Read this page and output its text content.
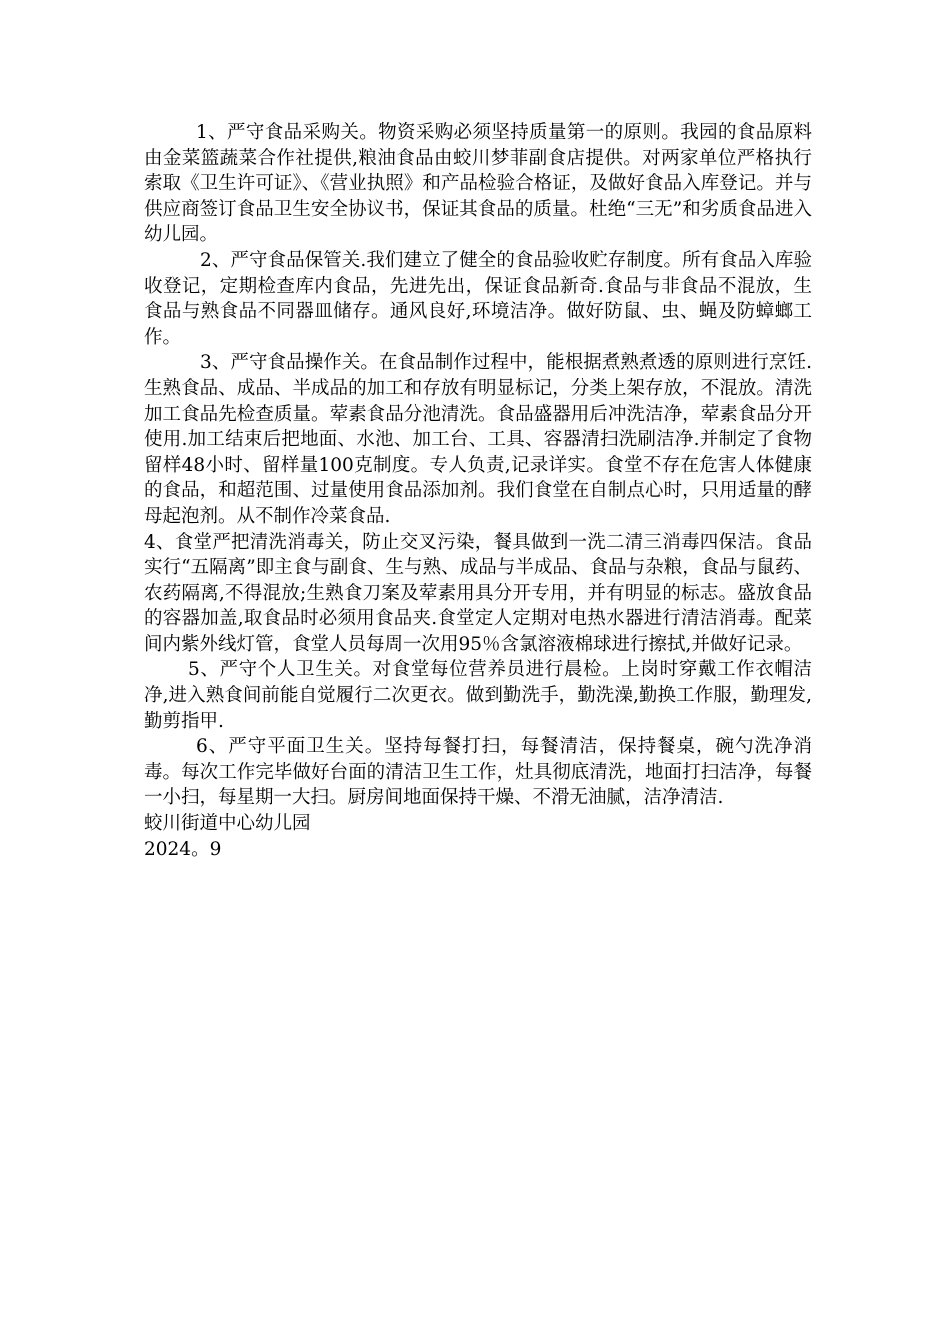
1、严守食品采购关。物资采购必须坚持质量第一的原则。我园的食品原料由金菜篮蔬菜合作社提供,粮油食品由蛟川梦菲副食店提供。对两家单位严格执行索取《卫生许可证》、《营业执照》和产品检验合格证，及做好食品入库登记。并与供应商签订食品卫生安全协议书，保证其食品的质量。杜绝“三无”和劣质食品进入幼儿园。

2、严守食品保管关.我们建立了健全的食品验收贮存制度。所有食品入库验收登记，定期检查库内食品，先进先出，保证食品新奇.食品与非食品不混放，生食品与熟食品不同器皿储存。通风良好,环境洁净。做好防鼠、虫、蝇及防蟑螂工作。

3、严守食品操作关。在食品制作过程中，能根据煮熟煮透的原则进行烹饪.生熟食品、成品、半成品的加工和存放有明显标记，分类上架存放，不混放。清洗加工食品先检查质量。荤素食品分池清洗。食品盛器用后冲洗洁净，荤素食品分开使用.加工结束后把地面、水池、加工台、工具、容器清扫洗刷洁净.并制定了食物留样48小时、留样量100克制度。专人负责,记录详实。食堂不存在危害人体健康的食品，和超范围、过量使用食品添加剂。我们食堂在自制点心时，只用适量的酵母起泡剂。从不制作冷菜食品.

4、食堂严把清洗消毒关，防止交叉污染，餐具做到一洗二清三消毒四保洁。食品实行“五隔离”即主食与副食、生与熟、成品与半成品、食品与杂粮，食品与鼠药、农药隔离,不得混放;生熟食刀案及荤素用具分开专用，并有明显的标志。盛放食品的容器加盖,取食品时必须用食品夹.食堂定人定期对电热水器进行清洁消毒。配菜间内紫外线灯管，食堂人员每周一次用95％含氯溶液棉球进行擦拭,并做好记录。

5、严守个人卫生关。对食堂每位营养员进行晨检。上岗时穿戴工作衣帽洁净,进入熟食间前能自觉履行二次更衣。做到勤洗手，勤洗澡,勤换工作服，勤理发,勤剪指甲.

6、严守平面卫生关。坚持每餐打扫，每餐清洁，保持餐桌，碗勺洗净消毒。每次工作完毕做好台面的清洁卫生工作，灶具彻底清洗，地面打扫洁净，每餐一小扫，每星期一大扫。厨房间地面保持干燥、不滑无油腻，洁净清洁.

蛟川街道中心幼儿园

2024。9
